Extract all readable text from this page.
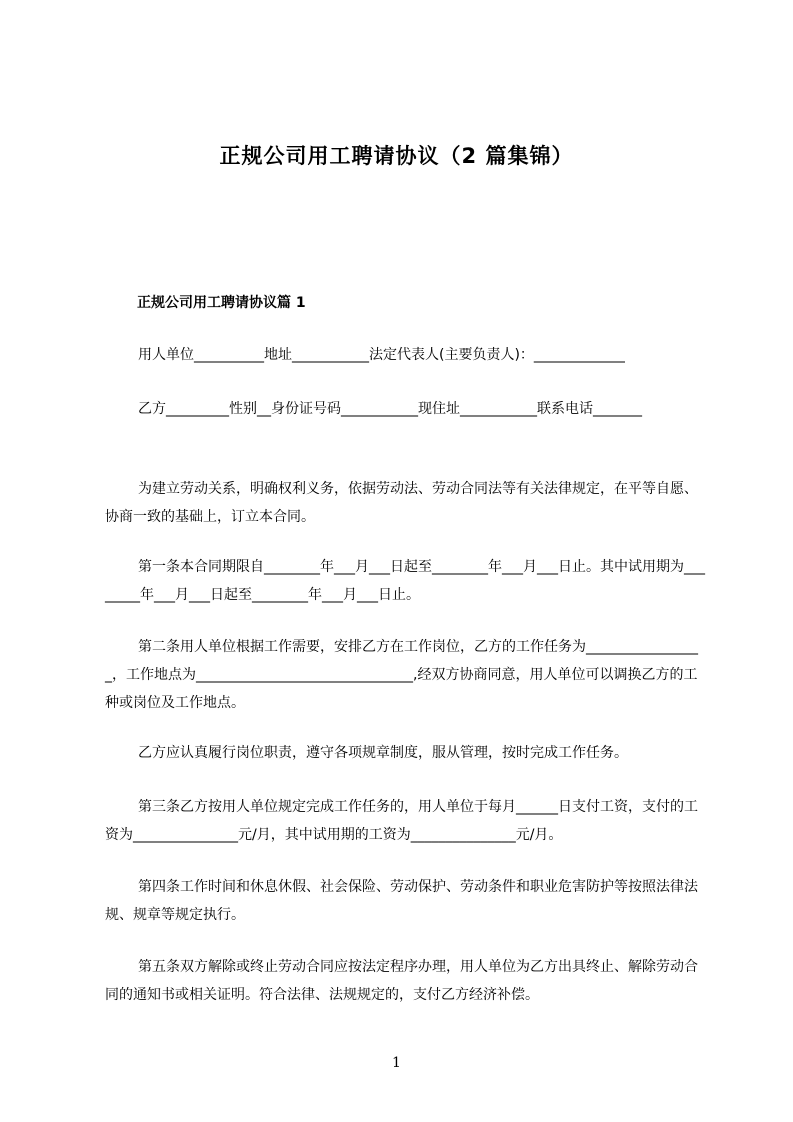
正规公司用工聘请协议（2 篇集锦）
正规公司用工聘请协议篇 1
用人单位__________地址___________法定代表人(主要负责人)：_____________
乙方_________性别__身份证号码___________现住址___________联系电话_______
为建立劳动关系，明确权利义务，依据劳动法、劳动合同法等有关法律规定，在平等自愿、协商一致的基础上，订立本合同。
第一条本合同期限自________年___月___日起至________年___月___日止。其中试用期为________年___月___日起至________年___月___日止。
第二条用人单位根据工作需要，安排乙方在工作岗位，乙方的工作任务为_________________，工作地点为_______________________________,经双方协商同意，用人单位可以调换乙方的工种或岗位及工作地点。
乙方应认真履行岗位职责，遵守各项规章制度，服从管理，按时完成工作任务。
第三条乙方按用人单位规定完成工作任务的，用人单位于每月______日支付工资，支付的工资为_______________元/月，其中试用期的工资为_______________元/月。
第四条工作时间和休息休假、社会保险、劳动保护、劳动条件和职业危害防护等按照法律法规、规章等规定执行。
第五条双方解除或终止劳动合同应按法定程序办理，用人单位为乙方出具终止、解除劳动合同的通知书或相关证明。符合法律、法规规定的，支付乙方经济补偿。
1
